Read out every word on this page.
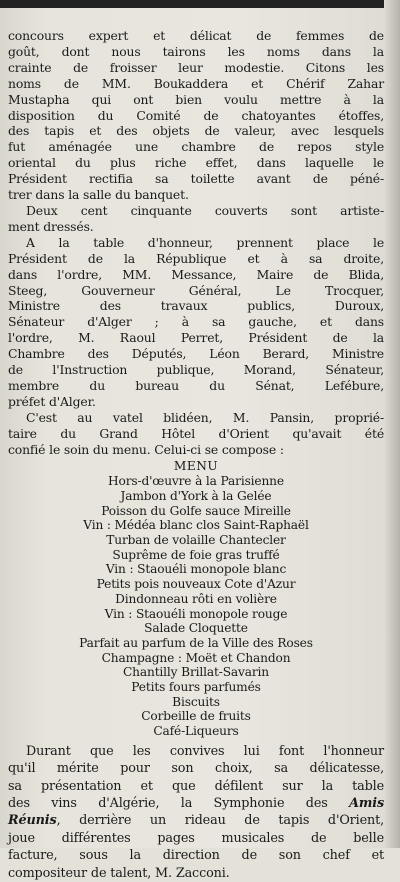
concours expert et délicat de femmes de
goût, dont nous tairons les noms dans la
crainte de froisser leur modestie. Citons les
noms de MM. Boukaddera et Chérif Zahar
Mustapha qui ont bien voulu mettre à la
disposition du Comité de chatoyantes étoffes,
des tapis et des objets de valeur, avec lesquels
fut aménagée une chambre de repos style
oriental du plus riche effet, dans laquelle le
Président rectifia sa toilette avant de péné-
trer dans la salle du banquet.

Deux cent cinquante couverts sont artiste-
ment dressés.

A la table d'honneur, prennent place le
Président de la République et à sa droite,
dans l'ordre, MM. Messance, Maire de Blida,
Steeg, Gouverneur Général, Le Trocquer,
Ministre des travaux publics, Duroux,
Sénateur d'Alger ; à sa gauche, et dans
l'ordre, M. Raoul Perret, Président de la
Chambre des Députés, Léon Berard, Ministre
de l'Instruction publique, Morand, Sénateur,
membre du bureau du Sénat, Lefébure,
préfet d'Alger.

C'est au vatel blidéen, M. Pansin, proprié-
taire du Grand Hôtel d'Orient qu'avait été
confié le soin du menu. Celui-ci se compose :

MENU
Hors-d'œuvre à la Parisienne
Jambon d'York à la Gelée
Poisson du Golfe sauce Mireille
Vin : Médéa blanc clos Saint-Raphaël
Turban de volaille Chantecler
Suprême de foie gras truffé
Vin : Staouéli monopole blanc
Petits pois nouveaux Cote d'Azur
Dindonneau rôti en volière
Vin : Staouéli monopole rouge
Salade Cloquette
Parfait au parfum de la Ville des Roses
Champagne : Moët et Chandon
Chantilly Brillat-Savarin
Petits fours parfumés
Biscuits
Corbeille de fruits
Café-Liqueurs

Durant que les convives lui font l'honneur
qu'il mérite pour son choix, sa délicatesse,
sa présentation et que défilent sur la table
des vins d'Algérie, la Symphonie des Amis
Réunis, derrière un rideau de tapis d'Orient,
joue différentes pages musicales de belle
facture, sous la direction de son chef et
compositeur de talent, M. Zacconi.
